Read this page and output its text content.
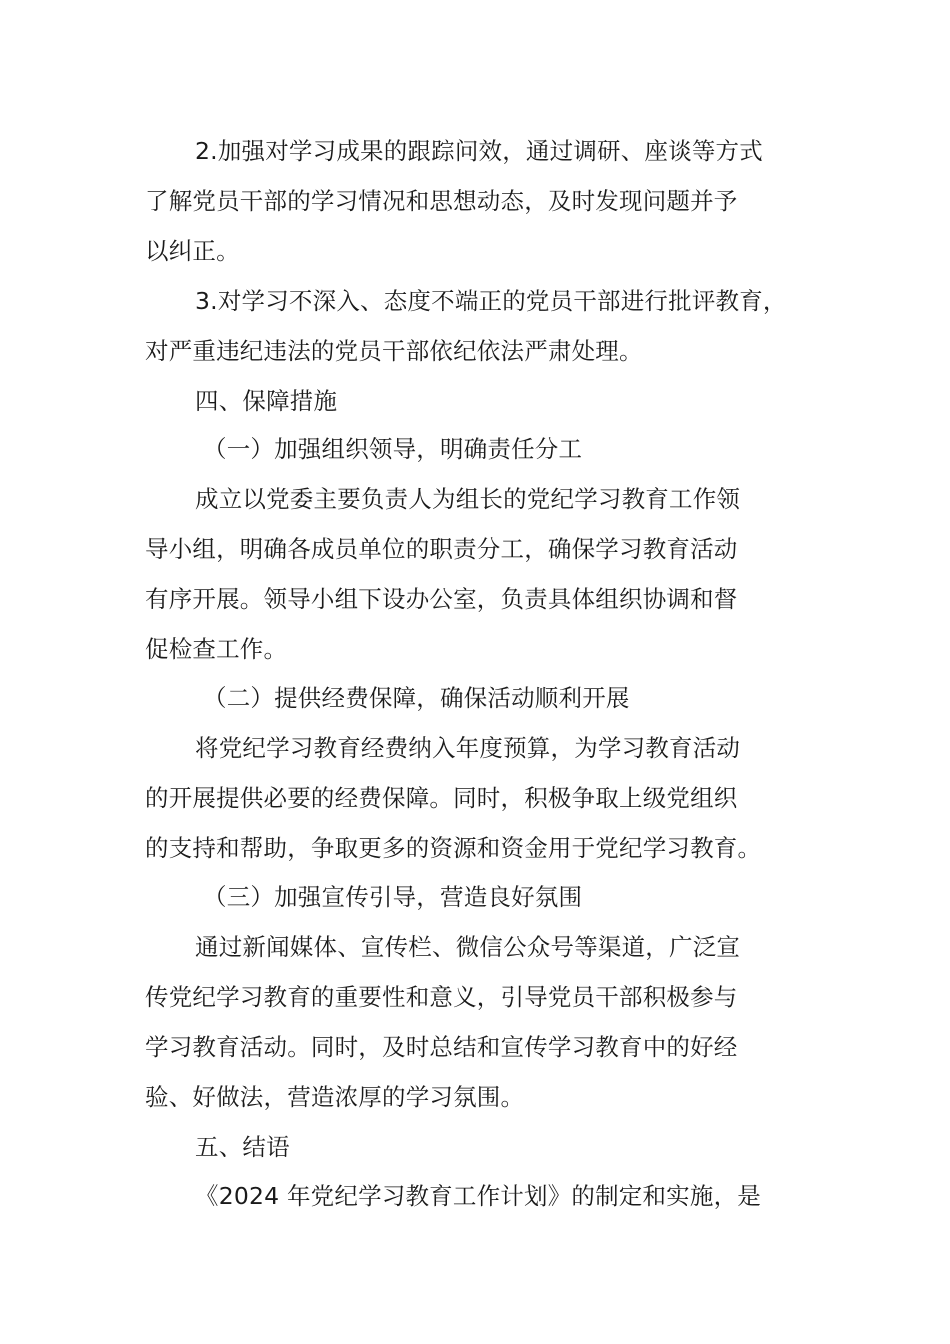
2.加强对学习成果的跟踪问效，通过调研、座谈等方式
了解党员干部的学习情况和思想动态，及时发现问题并予
以纠正。
3.对学习不深入、态度不端正的党员干部进行批评教育，
对严重违纪违法的党员干部依纪依法严肃处理。
四、保障措施
（一）加强组织领导，明确责任分工
成立以党委主要负责人为组长的党纪学习教育工作领
导小组，明确各成员单位的职责分工，确保学习教育活动
有序开展。领导小组下设办公室，负责具体组织协调和督
促检查工作。
（二）提供经费保障，确保活动顺利开展
将党纪学习教育经费纳入年度预算，为学习教育活动
的开展提供必要的经费保障。同时，积极争取上级党组织
的支持和帮助，争取更多的资源和资金用于党纪学习教育。
（三）加强宣传引导，营造良好氛围
通过新闻媒体、宣传栏、微信公众号等渠道，广泛宣
传党纪学习教育的重要性和意义，引导党员干部积极参与
学习教育活动。同时，及时总结和宣传学习教育中的好经
验、好做法，营造浓厚的学习氛围。
五、结语
《2024 年党纪学习教育工作计划》的制定和实施，是
